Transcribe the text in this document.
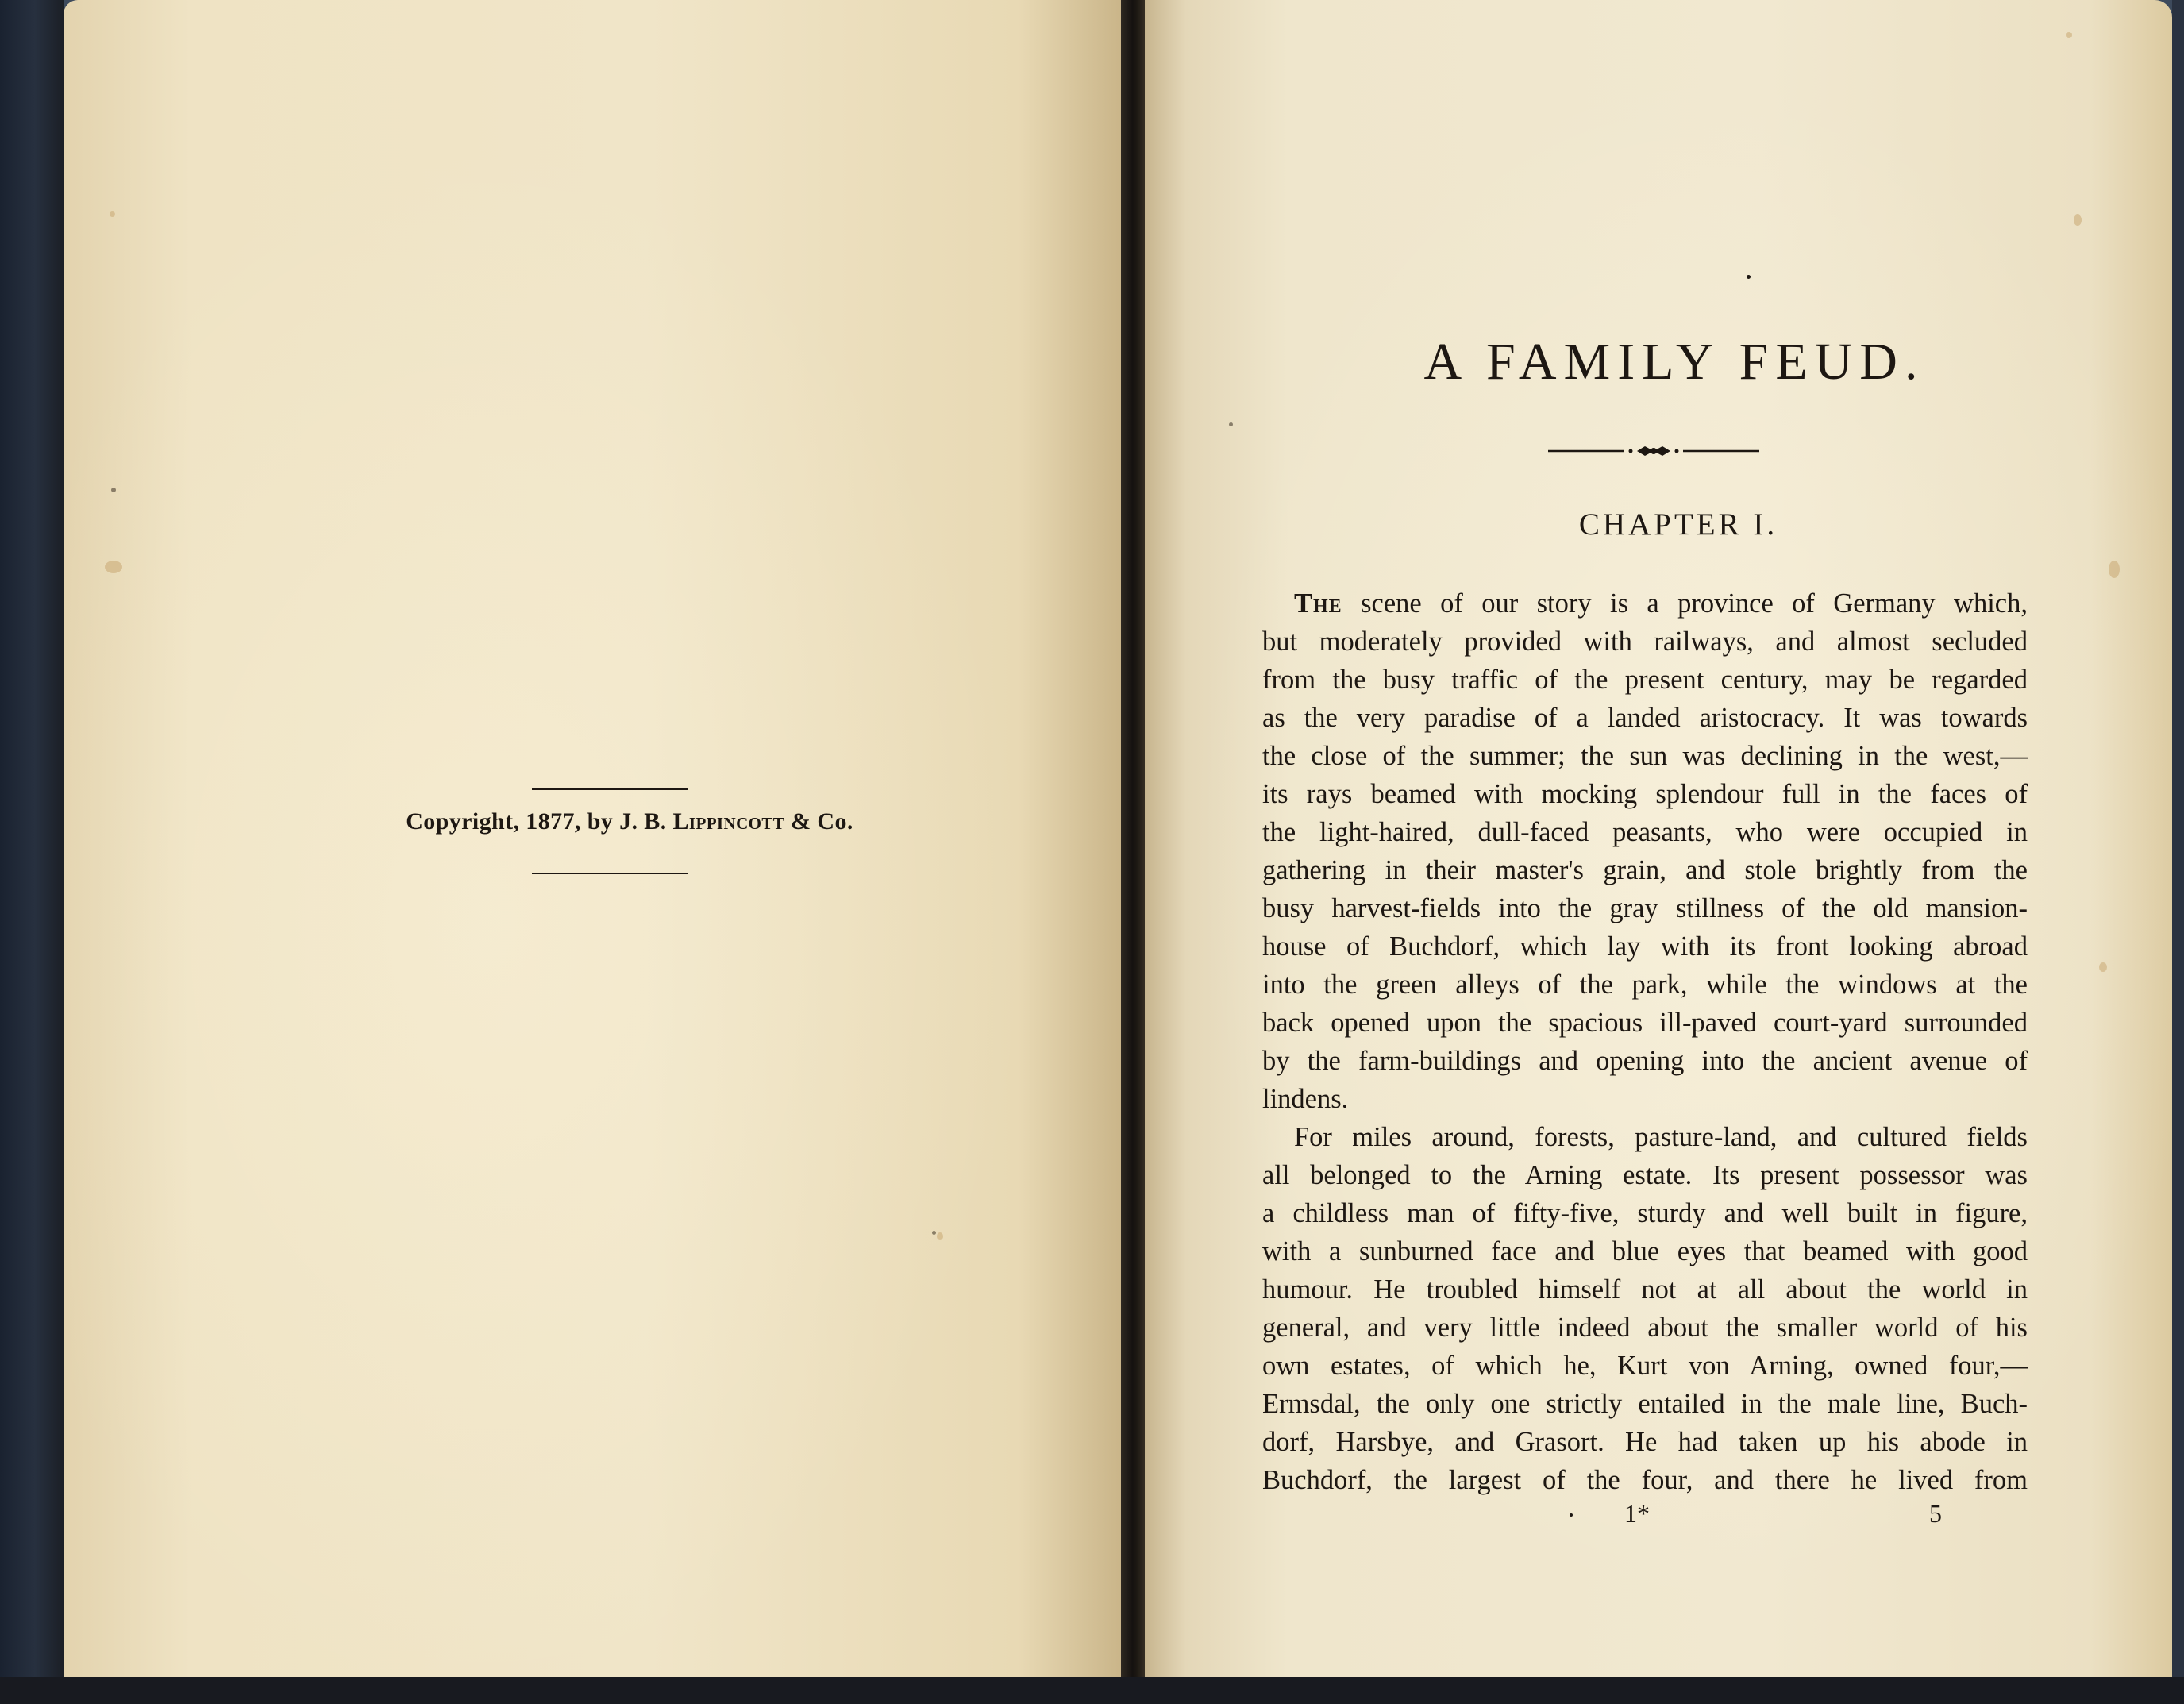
Copyright, 1877, by J. B. Lippincott & Co.
A FAMILY FEUD.
CHAPTER I.
The scene of our story is a province of Germany which,
but moderately provided with railways, and almost secluded
from the busy traffic of the present century, may be regarded
as the very paradise of a landed aristocracy. It was towards
the close of the summer; the sun was declining in the west,—
its rays beamed with mocking splendour full in the faces of
the light-haired, dull-faced peasants, who were occupied in
gathering in their master's grain, and stole brightly from the
busy harvest-fields into the gray stillness of the old mansion-
house of Buchdorf, which lay with its front looking abroad
into the green alleys of the park, while the windows at the
back opened upon the spacious ill-paved court-yard surrounded
by the farm-buildings and opening into the ancient avenue of
lindens.
For miles around, forests, pasture-land, and cultured fields
all belonged to the Arning estate. Its present possessor was
a childless man of fifty-five, sturdy and well built in figure,
with a sunburned face and blue eyes that beamed with good
humour. He troubled himself not at all about the world in
general, and very little indeed about the smaller world of his
own estates, of which he, Kurt von Arning, owned four,—
Ermsdal, the only one strictly entailed in the male line, Buch-
dorf, Harsbye, and Grasort. He had taken up his abode in
Buchdorf, the largest of the four, and there he lived from
1*	5
